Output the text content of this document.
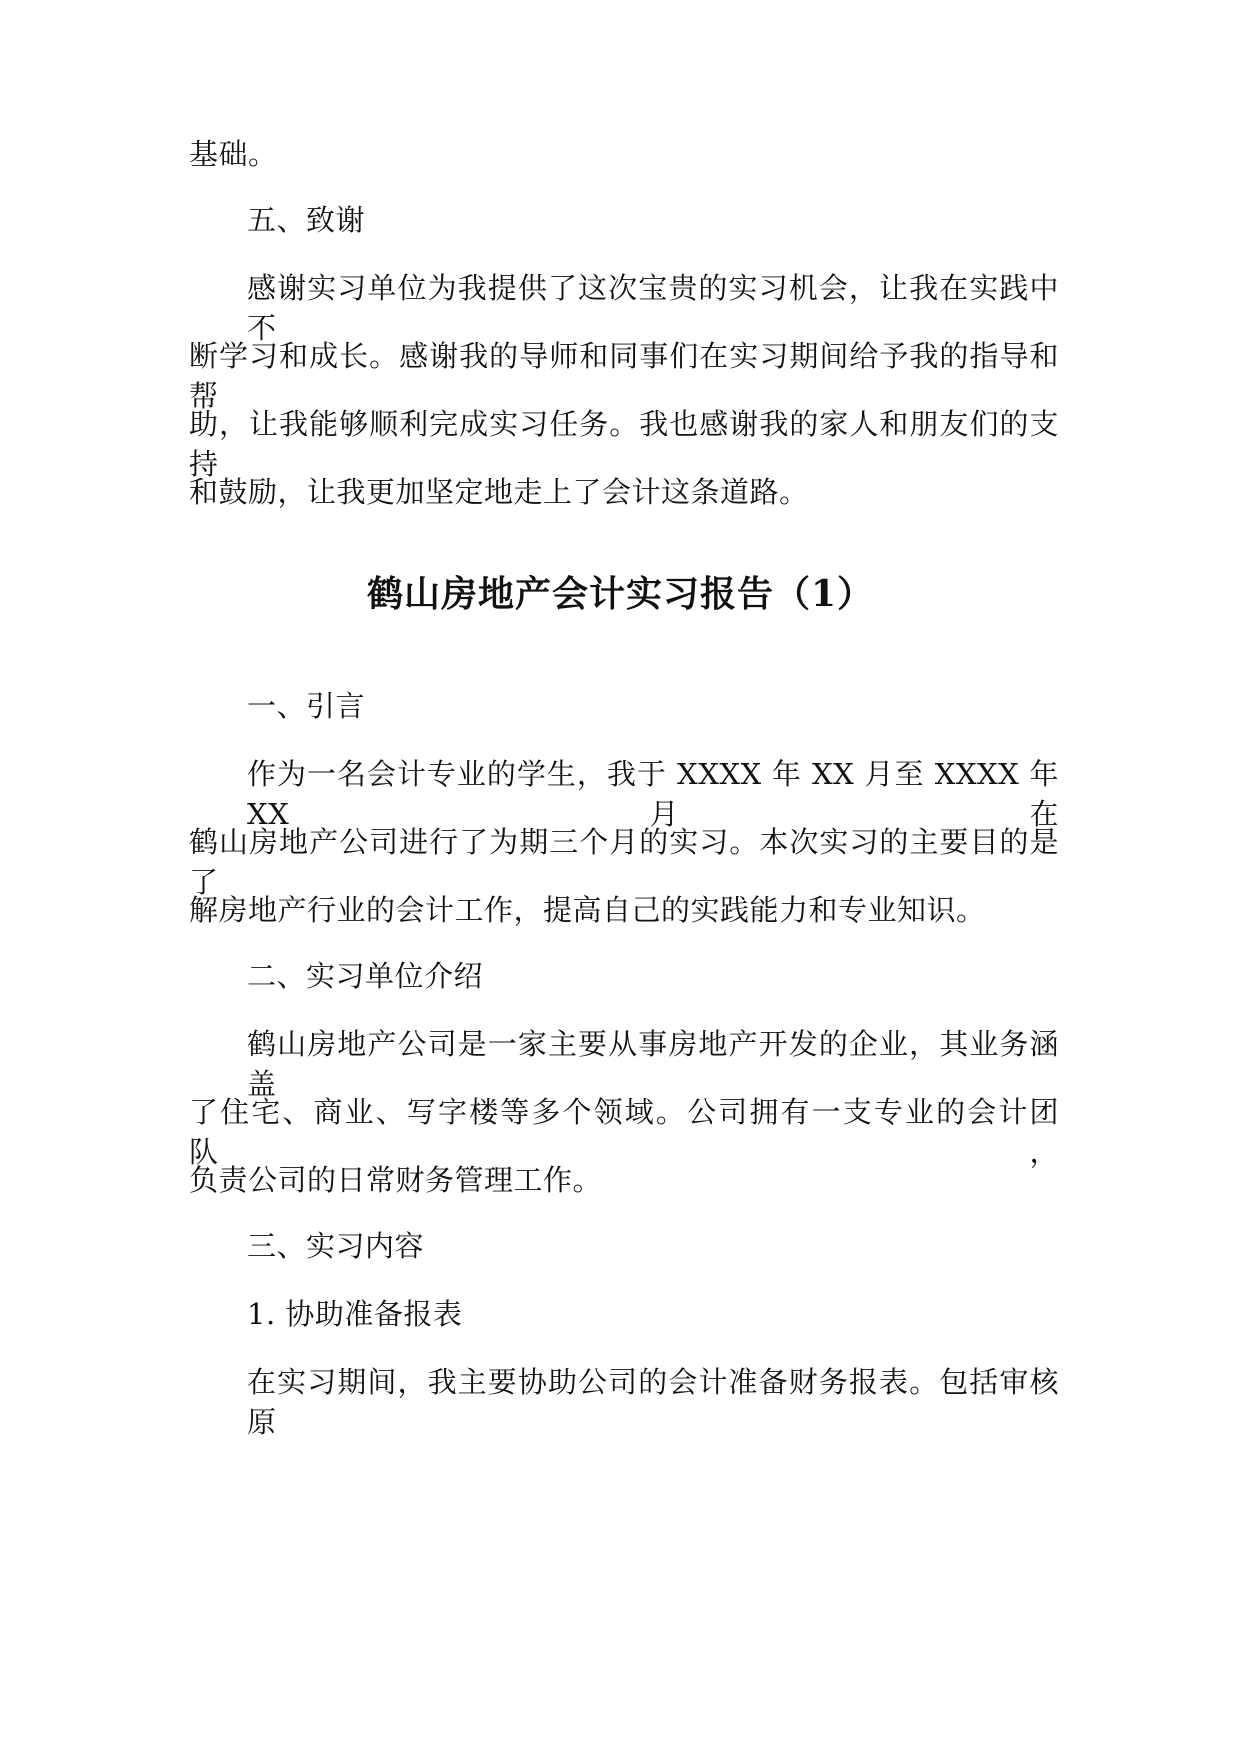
基础。
五、致谢
感谢实习单位为我提供了这次宝贵的实习机会，让我在实践中不
断学习和成长。感谢我的导师和同事们在实习期间给予我的指导和帮
助，让我能够顺利完成实习任务。我也感谢我的家人和朋友们的支持
和鼓励，让我更加坚定地走上了会计这条道路。
鹤山房地产会计实习报告（1）
一、引言
作为一名会计专业的学生，我于 XXXX 年 XX 月至 XXXX 年 XX 月在
鹤山房地产公司进行了为期三个月的实习。本次实习的主要目的是了
解房地产行业的会计工作，提高自己的实践能力和专业知识。
二、实习单位介绍
鹤山房地产公司是一家主要从事房地产开发的企业，其业务涵盖
了住宅、商业、写字楼等多个领域。公司拥有一支专业的会计团队，
负责公司的日常财务管理工作。
三、实习内容
1. 协助准备报表
在实习期间，我主要协助公司的会计准备财务报表。包括审核原
